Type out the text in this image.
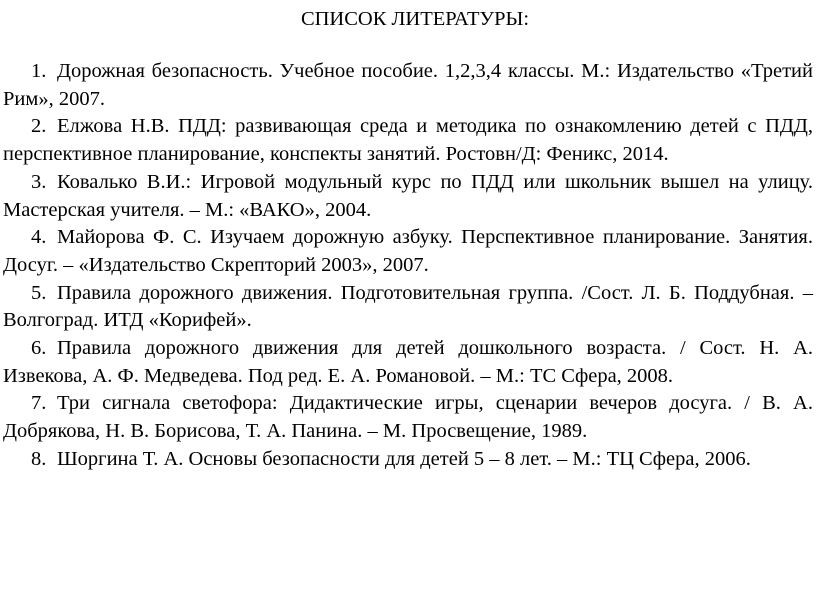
СПИСОК ЛИТЕРАТУРЫ:
1. Дорожная безопасность. Учебное пособие. 1,2,3,4 классы. М.: Издательство «Третий Рим», 2007.
2. Елжова Н.В. ПДД: развивающая среда и методика по ознакомлению детей с ПДД, перспективное планирование, конспекты занятий. Ростовн/Д: Феникс, 2014.
3. Ковалько В.И.: Игровой модульный курс по ПДД или школьник вышел на улицу. Мастерская учителя. – М.: «ВАКО», 2004.
4. Майорова Ф. С. Изучаем дорожную азбуку. Перспективное планирование. Занятия. Досуг. – «Издательство Скрепторий 2003», 2007.
5. Правила дорожного движения. Подготовительная группа. /Сост. Л. Б. Поддубная. – Волгоград. ИТД «Корифей».
6. Правила дорожного движения для детей дошкольного возраста. / Сост. Н. А. Извекова, А. Ф. Медведева. Под ред. Е. А. Романовой. – М.: ТС Сфера, 2008.
7. Три сигнала светофора: Дидактические игры, сценарии вечеров досуга. / В. А. Добрякова, Н. В. Борисова, Т. А. Панина. – М. Просвещение, 1989.
8. Шоргина Т. А. Основы безопасности для детей 5 – 8 лет. – М.: ТЦ Сфера, 2006.
